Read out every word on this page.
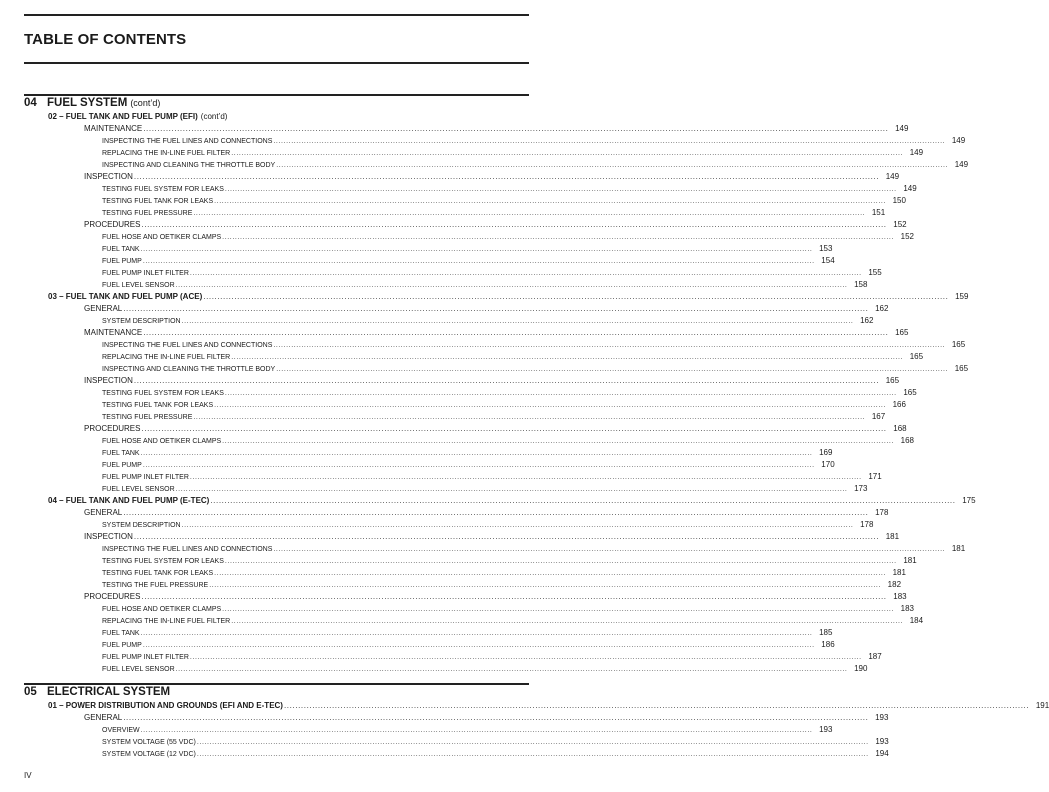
TABLE OF CONTENTS
04 FUEL SYSTEM (cont’d)
02 – FUEL TANK AND FUEL PUMP (EFI) (cont’d)
MAINTENANCE .....	149
INSPECTING THE FUEL LINES AND CONNECTIONS .....	149
REPLACING THE IN-LINE FUEL FILTER .....	149
INSPECTING AND CLEANING THE THROTTLE BODY .....	149
INSPECTION .....	149
TESTING FUEL SYSTEM FOR LEAKS .....	149
TESTING FUEL TANK FOR LEAKS .....	150
TESTING FUEL PRESSURE .....	151
PROCEDURES .....	152
FUEL HOSE AND OETIKER CLAMPS .....	152
FUEL TANK .....	153
FUEL PUMP .....	154
FUEL PUMP INLET FILTER .....	155
FUEL LEVEL SENSOR .....	158
03 – FUEL TANK AND FUEL PUMP (ACE) .....	159
GENERAL .....	162
SYSTEM DESCRIPTION .....	162
MAINTENANCE .....	165
INSPECTING THE FUEL LINES AND CONNECTIONS .....	165
REPLACING THE IN-LINE FUEL FILTER .....	165
INSPECTING AND CLEANING THE THROTTLE BODY .....	165
INSPECTION .....	165
TESTING FUEL SYSTEM FOR LEAKS .....	165
TESTING FUEL TANK FOR LEAKS .....	166
TESTING FUEL PRESSURE .....	167
PROCEDURES .....	168
FUEL HOSE AND OETIKER CLAMPS .....	168
FUEL TANK .....	169
FUEL PUMP .....	170
FUEL PUMP INLET FILTER .....	171
FUEL LEVEL SENSOR .....	173
04 – FUEL TANK AND FUEL PUMP (E-TEC) .....	175
GENERAL .....	178
SYSTEM DESCRIPTION .....	178
INSPECTION .....	181
INSPECTING THE FUEL LINES AND CONNECTIONS .....	181
TESTING FUEL SYSTEM FOR LEAKS .....	181
TESTING FUEL TANK FOR LEAKS .....	181
TESTING THE FUEL PRESSURE .....	182
PROCEDURES .....	183
FUEL HOSE AND OETIKER CLAMPS .....	183
REPLACING THE IN-LINE FUEL FILTER .....	184
FUEL TANK .....	185
FUEL PUMP .....	186
FUEL PUMP INLET FILTER .....	187
FUEL LEVEL SENSOR .....	190
05 ELECTRICAL SYSTEM
01 – POWER DISTRIBUTION AND GROUNDS (EFI AND E-TEC) .....	191
GENERAL .....	193
OVERVIEW .....	193
SYSTEM VOLTAGE (55 VDC) .....	193
SYSTEM VOLTAGE (12 VDC) .....	194
IV
